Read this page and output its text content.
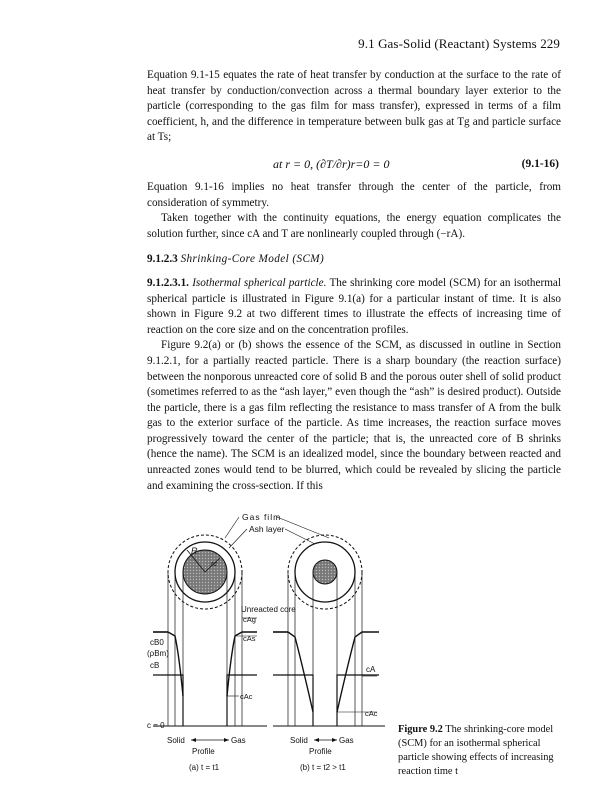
9.1 Gas-Solid (Reactant) Systems 229

Equation 9.1-15 equates the rate of heat transfer by conduction at the surface to the rate of heat transfer by conduction/convection across a thermal boundary layer exterior to the particle (corresponding to the gas film for mass transfer), expressed in terms of a film coefficient, h, and the difference in temperature between bulk gas at Tg and particle surface at Ts;

at r = 0, (∂T/∂r)r=0 = 0	(9.1-16)

Equation 9.1-16 implies no heat transfer through the center of the particle, from consideration of symmetry.

Taken together with the continuity equations, the energy equation complicates the solution further, since cA and T are nonlinearly coupled through (−rA).

9.1.2.3 Shrinking-Core Model (SCM)

9.1.2.3.1. Isothermal spherical particle. The shrinking core model (SCM) for an isothermal spherical particle is illustrated in Figure 9.1(a) for a particular instant of time. It is also shown in Figure 9.2 at two different times to illustrate the effects of increasing time of reaction on the core size and on the concentration profiles.

Figure 9.2(a) or (b) shows the essence of the SCM, as discussed in outline in Section 9.1.2.1, for a partially reacted particle. There is a sharp boundary (the reaction surface) between the nonporous unreacted core of solid B and the porous outer shell of solid product (sometimes referred to as the “ash layer,” even though the “ash” is desired product). Outside the particle, there is a gas film reflecting the resistance to mass transfer of A from the bulk gas to the exterior surface of the particle. As time increases, the reaction surface moves progressively toward the center of the particle; that is, the unreacted core of B shrinks (hence the name). The SCM is an idealized model, since the boundary between reacted and unreacted zones would tend to be blurred, which could be revealed by slicing the particle and examining the cross-section. If this

R
rc
cB0
(ρBm)
cB
cAg
cAs
cAc
Unreacted core
c = 0
Solid	Gas
Profile
(a) t = t1
Gas film
Ash layer
cA
cAc
Solid	Gas
Profile
(b) t = t2 > t1
Figure 9.2 The shrinking-core model (SCM) for an isothermal spherical particle showing effects of increasing reaction time t
